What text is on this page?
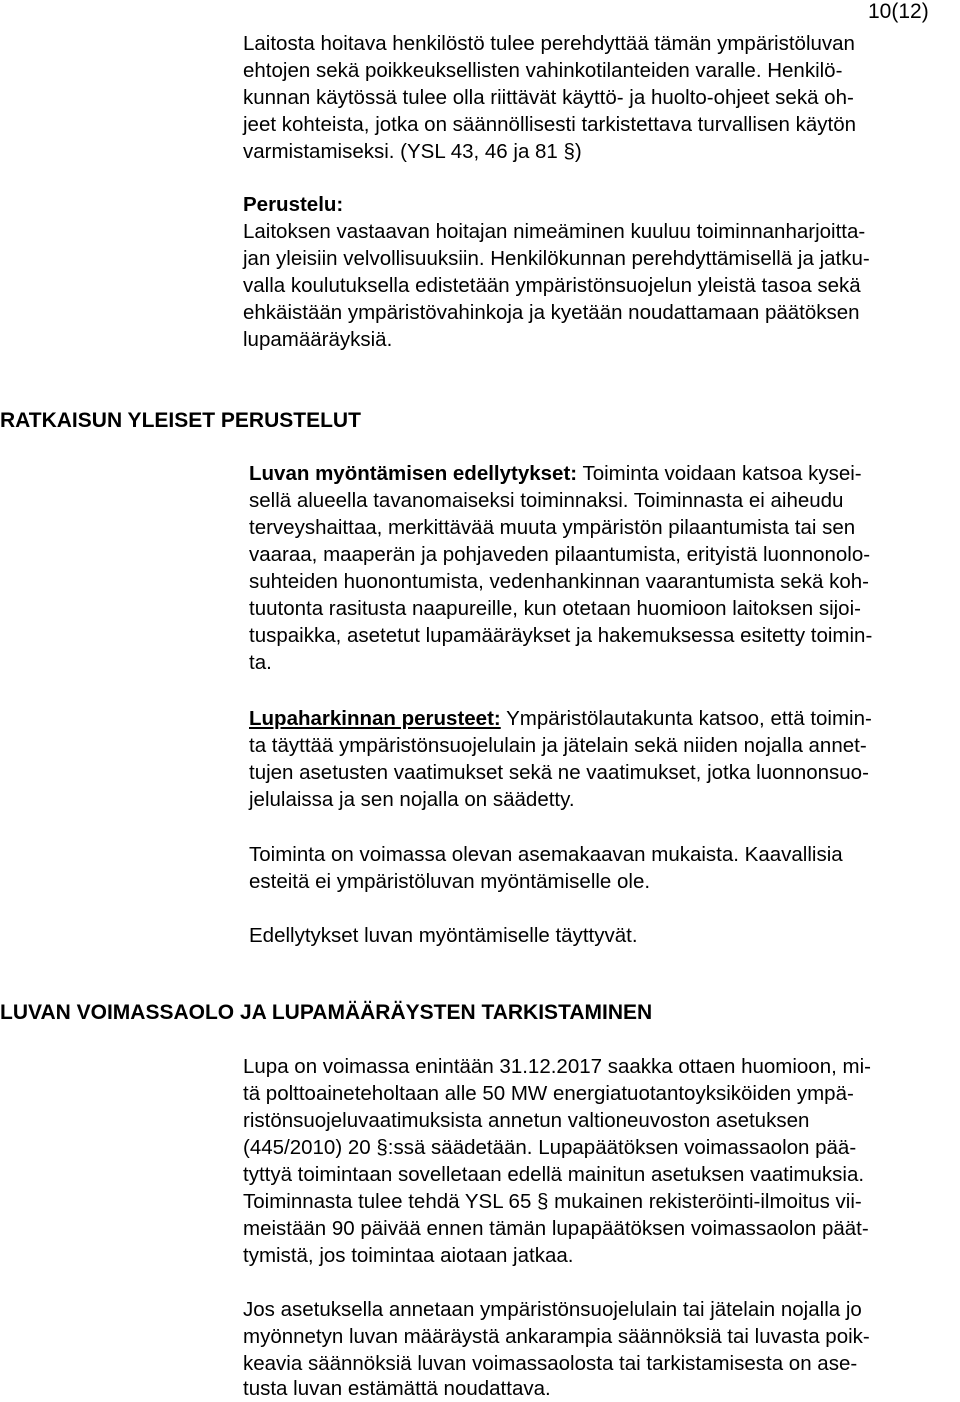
10(12)
Laitosta hoitava henkilöstö tulee perehdyttää tämän ympäristöluvan
ehtojen sekä poikkeuksellisten vahinkotilanteiden varalle. Henkilö-
kunnan käytössä tulee olla riittävät käyttö- ja huolto-ohjeet sekä oh-
jeet kohteista, jotka on säännöllisesti tarkistettava turvallisen käytön
varmistamiseksi. (YSL 43, 46 ja 81 §)
Perustelu:
Laitoksen vastaavan hoitajan nimeäminen kuuluu toiminnanharjoitta-
jan yleisiin velvollisuuksiin. Henkilökunnan perehdyttämisellä ja jatku-
valla koulutuksella edistetään ympäristönsuojelun yleistä tasoa sekä
ehkäistään ympäristövahinkoja ja kyetään noudattamaan päätöksen
lupamääräyksiä.
RATKAISUN YLEISET PERUSTELUT
Luvan myöntämisen edellytykset: Toiminta voidaan katsoa kysei-
sellä alueella tavanomaiseksi toiminnaksi. Toiminnasta ei aiheudu
terveyshaittaa, merkittävää muuta ympäristön pilaantumista tai sen
vaaraa, maaperän ja pohjaveden pilaantumista, erityistä luonnonolo-
suhteiden huonontumista, vedenhankinnan vaarantumista sekä koh-
tuutonta rasitusta naapureille, kun otetaan huomioon laitoksen sijoi-
tuspaikka, asetetut lupamääräykset ja hakemuksessa esitetty toimin-
ta.
Lupaharkinnan perusteet: Ympäristölautakunta katsoo, että toimin-
ta täyttää ympäristönsuojelulain ja jätelain sekä niiden nojalla annet-
tujen asetusten vaatimukset sekä ne vaatimukset, jotka luonnonsuo-
jelulaissa ja sen nojalla on säädetty.
Toiminta on voimassa olevan asemakaavan mukaista. Kaavallisia
esteitä ei ympäristöluvan myöntämiselle ole.
Edellytykset luvan myöntämiselle täyttyvät.
LUVAN VOIMASSAOLO JA LUPAMÄÄRÄYSTEN TARKISTAMINEN
Lupa on voimassa enintään 31.12.2017 saakka ottaen huomioon, mi-
tä polttoaineteholtaan alle 50 MW energiatuotantoyksiköiden ympä-
ristönsuojeluvaatimuksista annetun valtioneuvoston asetuksen
(445/2010) 20 §:ssä säädetään. Lupapäätöksen voimassaolon pää-
tyttyä toimintaan sovelletaan edellä mainitun asetuksen vaatimuksia.
Toiminnasta tulee tehdä YSL 65 § mukainen rekisteröinti-ilmoitus vii-
meistään 90 päivää ennen tämän lupapäätöksen voimassaolon päät-
tymistä, jos toimintaa aiotaan jatkaa.
Jos asetuksella annetaan ympäristönsuojelulain tai jätelain nojalla jo
myönnetyn luvan määräystä ankarampia säännöksiä tai luvasta poik-
keavia säännöksiä luvan voimassaolosta tai tarkistamisesta on ase-
tusta luvan estämättä noudattava.
